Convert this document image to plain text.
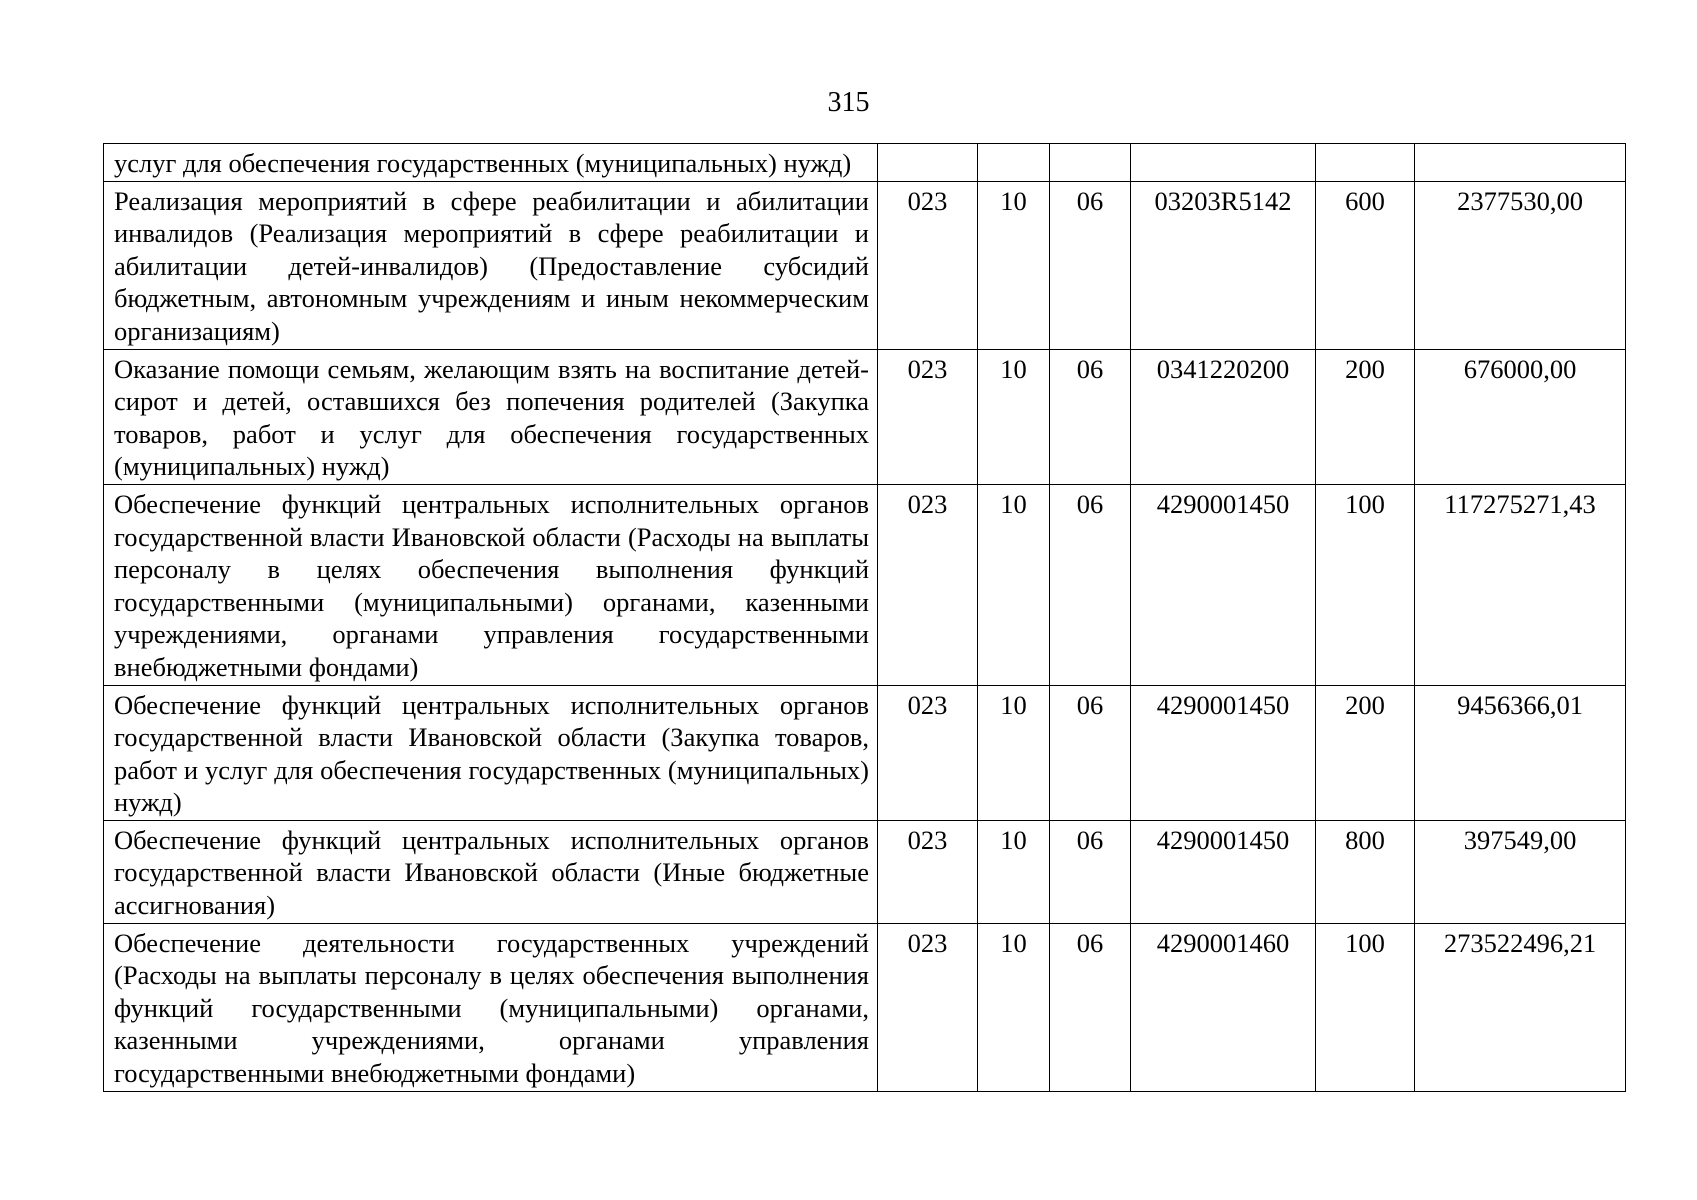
315
услуг для обеспечения государственных (муниципальных) нужд)						
Реализация мероприятий в сфере реабилитации и абилитации инвалидов (Реализация мероприятий в сфере реабилитации и абилитации детей-инвалидов) (Предоставление субсидий бюджетным, автономным учреждениям и иным некоммерческим организациям)	023	10	06	03203R5142	600	2377530,00
Оказание помощи семьям, желающим взять на воспитание детей-сирот и детей, оставшихся без попечения родителей (Закупка товаров, работ и услуг для обеспечения государственных (муниципальных) нужд)	023	10	06	0341220200	200	676000,00
Обеспечение функций центральных исполнительных органов государственной власти Ивановской области (Расходы на выплаты персоналу в целях обеспечения выполнения функций государственными (муниципальными) органами, казенными учреждениями, органами управления государственными внебюджетными фондами)	023	10	06	4290001450	100	117275271,43
Обеспечение функций центральных исполнительных органов государственной власти Ивановской области (Закупка товаров, работ и услуг для обеспечения государственных (муниципальных) нужд)	023	10	06	4290001450	200	9456366,01
Обеспечение функций центральных исполнительных органов государственной власти Ивановской области (Иные бюджетные ассигнования)	023	10	06	4290001450	800	397549,00
Обеспечение деятельности государственных учреждений (Расходы на выплаты персоналу в целях обеспечения выполнения функций государственными (муниципальными) органами, казенными учреждениями, органами управления государственными внебюджетными фондами)	023	10	06	4290001460	100	273522496,21
